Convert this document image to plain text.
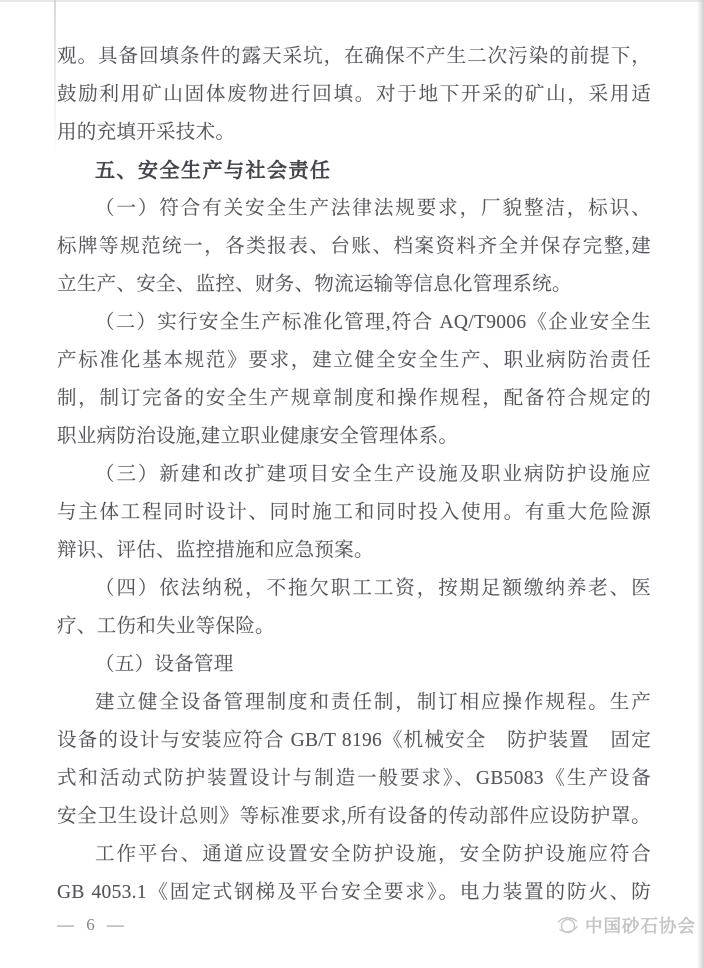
观。具备回填条件的露天采坑，在确保不产生二次污染的前提下，
鼓励利用矿山固体废物进行回填。对于地下开采的矿山，采用适
用的充填开采技术。
五、安全生产与社会责任
（一）符合有关安全生产法律法规要求，厂貌整洁，标识、
标牌等规范统一，各类报表、台账、档案资料齐全并保存完整,建
立生产、安全、监控、财务、物流运输等信息化管理系统。
（二）实行安全生产标准化管理,符合 AQ/T9006《企业安全生
产标准化基本规范》要求，建立健全安全生产、职业病防治责任
制，制订完备的安全生产规章制度和操作规程，配备符合规定的
职业病防治设施,建立职业健康安全管理体系。
（三）新建和改扩建项目安全生产设施及职业病防护设施应
与主体工程同时设计、同时施工和同时投入使用。有重大危险源
辩识、评估、监控措施和应急预案。
（四）依法纳税，不拖欠职工工资，按期足额缴纳养老、医
疗、工伤和失业等保险。
（五）设备管理
建立健全设备管理制度和责任制，制订相应操作规程。生产
设备的设计与安装应符合 GB/T 8196《机械安全　防护装置　固定
式和活动式防护装置设计与制造一般要求》、GB5083《生产设备
安全卫生设计总则》等标准要求,所有设备的传动部件应设防护罩。
工作平台、通道应设置安全防护设施，安全防护设施应符合
GB 4053.1《固定式钢梯及平台安全要求》。电力装置的防火、防
— 6 —	中国砂石协会
